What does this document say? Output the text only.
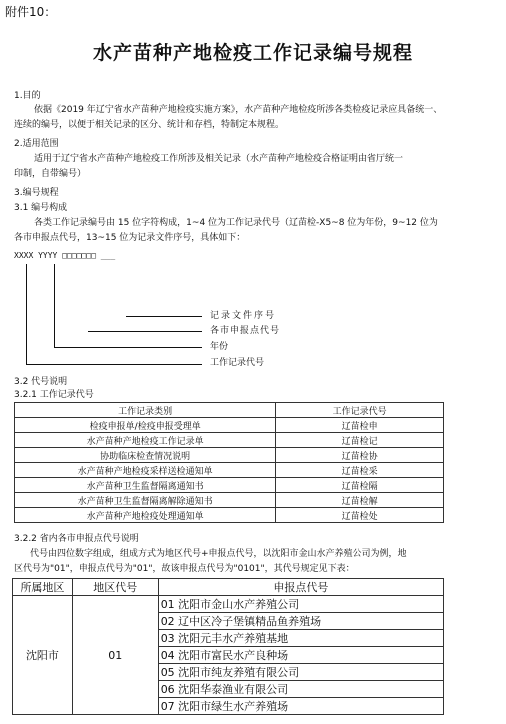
附件10：
水产苗种产地检疫工作记录编号规程
1.目的
依据《2019 年辽宁省水产苗种产地检疫实施方案》，水产苗种产地检疫所涉各类检疫记录应具备统一、
连续的编号，以便于相关记录的区分、统计和存档，特制定本规程。
2.适用范围
适用于辽宁省水产苗种产地检疫工作所涉及相关记录（水产苗种产地检疫合格证明由省厅统一
印制，自带编号）
3.编号规程
3.1 编号构成
各类工作记录编号由 15 位字符构成，1~4 位为工作记录代号（辽苗检-X5~8 位为年份，9~12 位为
各市申报点代号，13~15 位为记录文件序号，具体如下：
XXXX YYYY □□□□□□□ ___
记录文件序号
各市申报点代号
年份
工作记录代号
3.2 代号说明
3.2.1 工作记录代号
工作记录类别	工作记录代号
检疫申报单/检疫申报受理单	辽苗检申
水产苗种产地检疫工作记录单	辽苗检记
协助临床检查情况说明	辽苗检协
水产苗种产地检疫采样送检通知单	辽苗检采
水产苗种卫生监督隔离通知书	辽苗检隔
水产苗种卫生监督隔离解除通知书	辽苗检解
水产苗种产地检疫处理通知单	辽苗检处
3.2.2 省内各市申报点代号说明
代号由四位数字组成，组成方式为地区代号+申报点代号，以沈阳市金山水产养殖公司为例，地
区代号为"01"，申报点代号为"01"，故该申报点代号为"0101"，其代号规定见下表：
所属地区	地区代号	申报点代号
沈阳市	01	01 沈阳市金山水产养殖公司
		02 辽中区冷子堡镇精品鱼养殖场
		03 沈阳元丰水产养殖基地
		04 沈阳市富民水产良种场
		05 沈阳市纯友养殖有限公司
		06 沈阳华泰渔业有限公司
		07 沈阳市绿生水产养殖场
